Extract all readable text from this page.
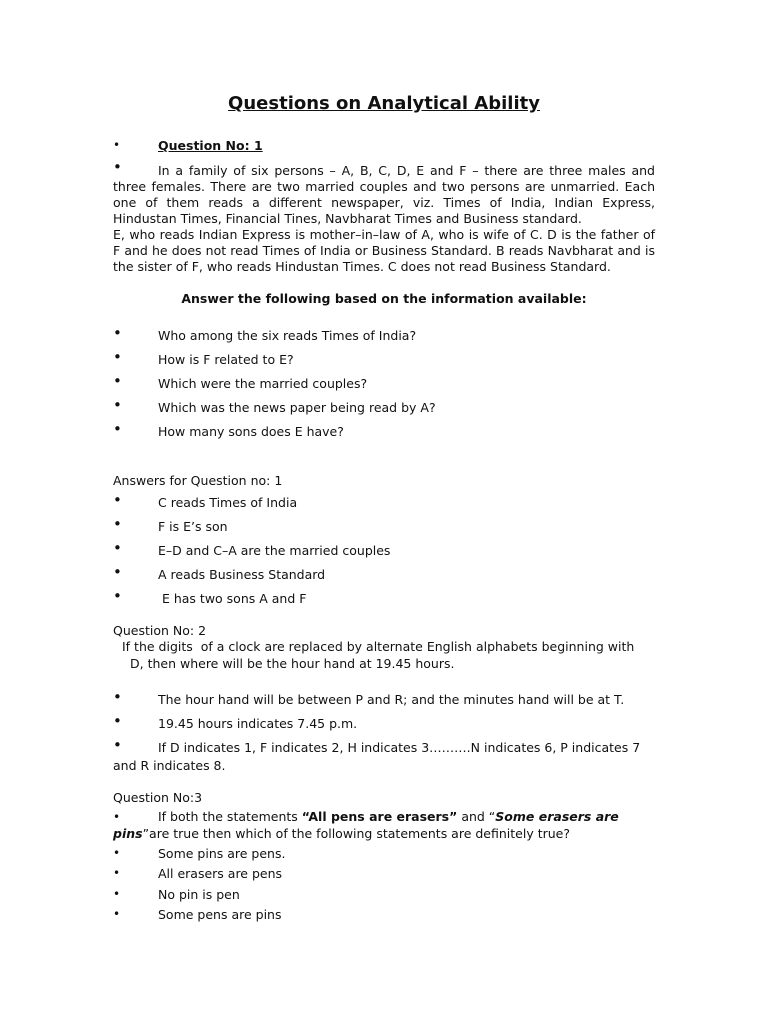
Questions on Analytical Ability
•	Question No: 1
•	In a family of six persons – A, B, C, D, E and F – there are three males and three females. There are two married couples and two persons are unmarried. Each one of them reads a different newspaper, viz. Times of India, Indian Express, Hindustan Times, Financial Tines, Navbharat Times and Business standard.

E, who reads Indian Express is mother–in–law of A, who is wife of C. D is the father of F and he does not read Times of India or Business Standard. B reads Navbharat and is the sister of F, who reads Hindustan Times. C does not read Business Standard.

Answer the following based on the information available:
•	Who among the six reads Times of India?
•	How is F related to E?
•	Which were the married couples?
•	Which was the news paper being read by A?
•	How many sons does E have?
Answers for Question no: 1
•	C reads Times of India
•	F is E’s son
•	E–D and C–A are the married couples
•	A reads Business Standard
•	E has two sons A and F
Question No: 2
If the digits  of a clock are replaced by alternate English alphabets beginning with
D, then where will be the hour hand at 19.45 hours.
•	The hour hand will be between P and R; and the minutes hand will be at T.
•	19.45 hours indicates 7.45 p.m.
•	If D indicates 1, F indicates 2, H indicates 3……….N indicates 6, P indicates 7
and R indicates 8.
Question No:3
•	If both the statements “All pens are erasers” and “Some erasers are
pins”are true then which of the following statements are definitely true?
•	Some pins are pens.
•	All erasers are pens
•	No pin is pen
•	Some pens are pins
